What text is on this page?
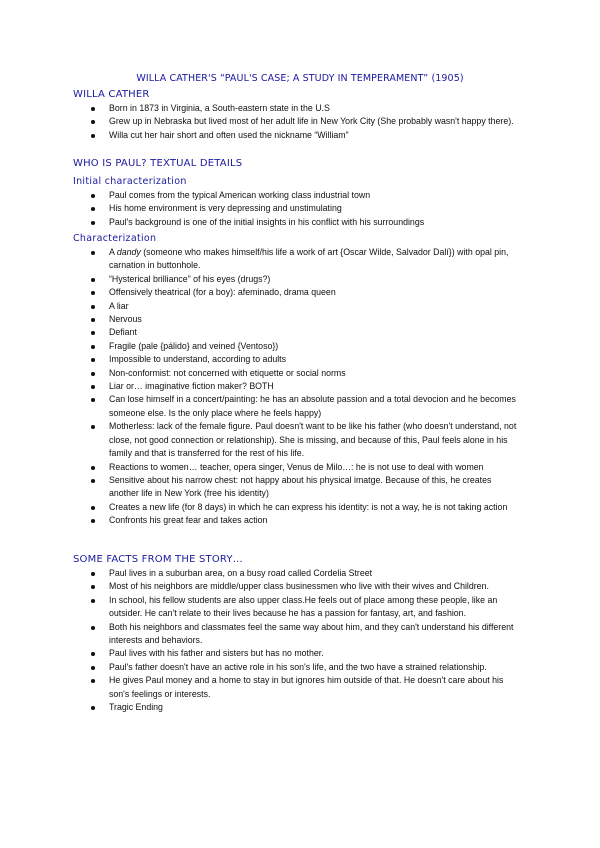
WILLA CATHER'S “PAUL'S CASE; A STUDY IN TEMPERAMENT” (1905)
WILLA CATHER
Born in 1873 in Virginia, a South-eastern state in the U.S
Grew up in Nebraska but lived most of her adult life in New York City (She probably wasn't happy there).
Willa cut her hair short and often used the nickname “William”
WHO IS PAUL? TEXTUAL DETAILS
Initial characterization
Paul comes from the typical American working class industrial town
His home environment is very depressing and unstimulating
Paul's background is one of the initial insights in his conflict with his surroundings
Characterization
A dandy (someone who makes himself/his life a work of art {Oscar Wilde, Salvador Dalí}) with opal pin, carnation in buttonhole.
“Hysterical brilliance” of his eyes (drugs?)
Offensively theatrical (for a boy): afeminado, drama queen
A liar
Nervous
Defiant
Fragile (pale {pálido} and veined {Ventoso})
Impossible to understand, according to adults
Non-conformist: not concerned with etiquette or social norms
Liar or… imaginative fiction maker? BOTH
Can lose himself in a concert/painting: he has an absolute passion and a total devocion and he becomes someone else. Is the only place where he feels happy)
Motherless: lack of the female figure. Paul doesn't want to be like his father (who doesn't understand, not close, not good connection or relationship). She is missing, and because of this, Paul feels alone in his family and that is transferred for the rest of his life.
Reactions to women… teacher, opera singer, Venus de Milo…: he is not use to deal with women
Sensitive about his narrow chest: not happy about his physical imatge. Because of this, he creates another life in New York (free his identity)
Creates a new life (for 8 days) in which he can express his identity: is not a way, he is not taking action
Confronts his great fear and takes action
SOME FACTS FROM THE STORY…
Paul lives in a suburban area, on a busy road called Cordelia Street
Most of his neighbors are middle/upper class businessmen who live with their wives and Children.
In school, his fellow students are also upper class.He feels out of place among these people, like an outsider. He can't relate to their lives because he has a passion for fantasy, art, and fashion.
Both his neighbors and classmates feel the same way about him, and they can't understand his different interests and behaviors.
Paul lives with his father and sisters but has no mother.
Paul's father doesn't have an active role in his son's life, and the two have a strained relationship.
He gives Paul money and a home to stay in but ignores him outside of that. He doesn't care about his son's feelings or interests.
Tragic Ending
